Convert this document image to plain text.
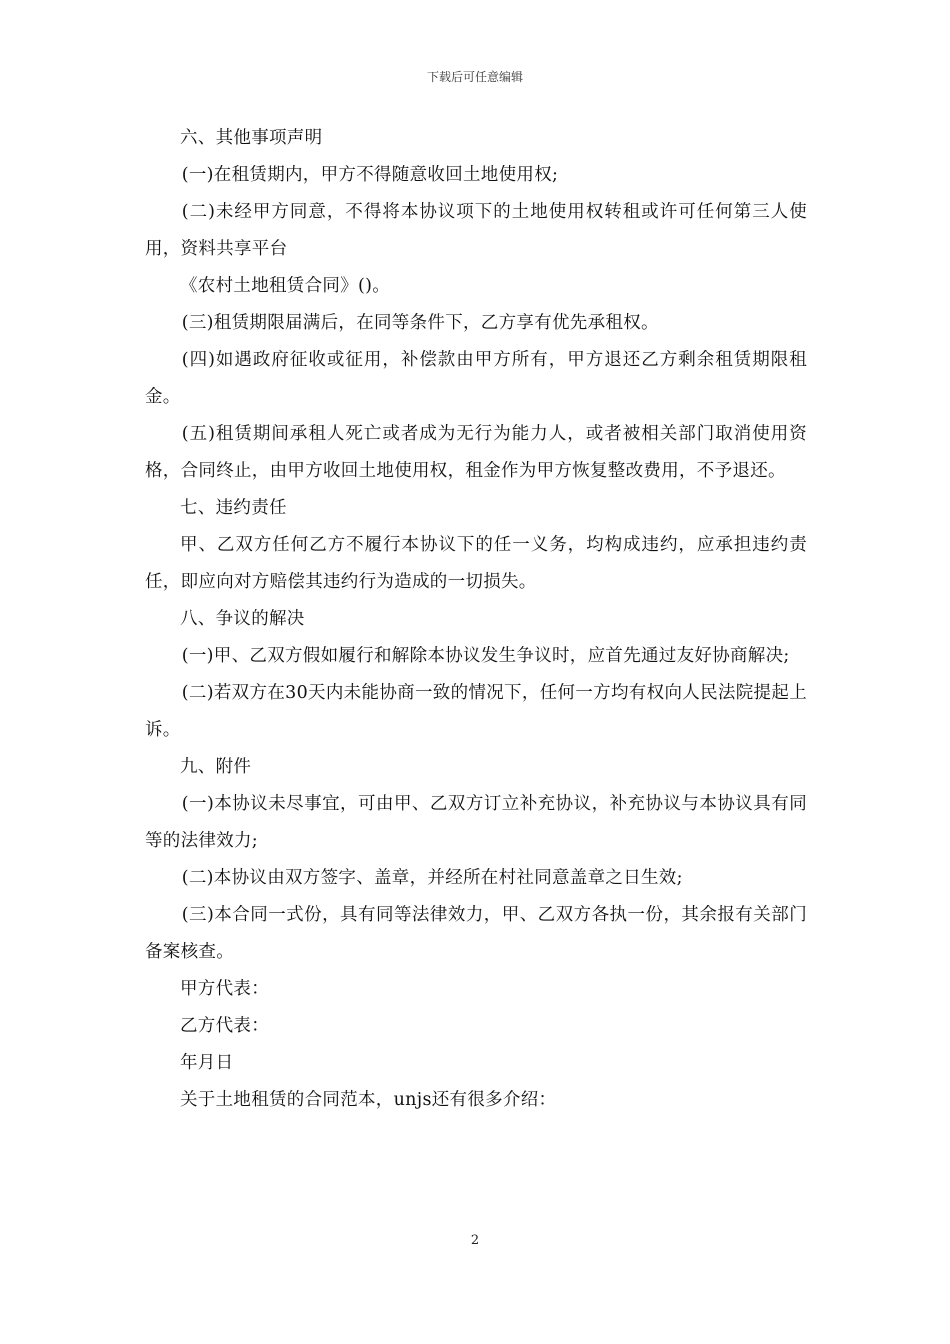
下载后可任意编辑

六、其他事项声明

(一)在租赁期内，甲方不得随意收回土地使用权;

(二)未经甲方同意，不得将本协议项下的土地使用权转租或许可任何第三人使用，资料共享平台

《农村土地租赁合同》()。

(三)租赁期限届满后，在同等条件下，乙方享有优先承租权。

(四)如遇政府征收或征用，补偿款由甲方所有，甲方退还乙方剩余租赁期限租金。

(五)租赁期间承租人死亡或者成为无行为能力人，或者被相关部门取消使用资格，合同终止，由甲方收回土地使用权，租金作为甲方恢复整改费用，不予退还。

七、违约责任

甲、乙双方任何乙方不履行本协议下的任一义务，均构成违约，应承担违约责任，即应向对方赔偿其违约行为造成的一切损失。

八、争议的解决

(一)甲、乙双方假如履行和解除本协议发生争议时，应首先通过友好协商解决;

(二)若双方在30天内未能协商一致的情况下，任何一方均有权向人民法院提起上诉。

九、附件

(一)本协议未尽事宜，可由甲、乙双方订立补充协议，补充协议与本协议具有同等的法律效力;

(二)本协议由双方签字、盖章，并经所在村社同意盖章之日生效;

(三)本合同一式份，具有同等法律效力，甲、乙双方各执一份，其余报有关部门备案核查。

甲方代表：

乙方代表：

年月日

关于土地租赁的合同范本，unjs还有很多介绍：

2
